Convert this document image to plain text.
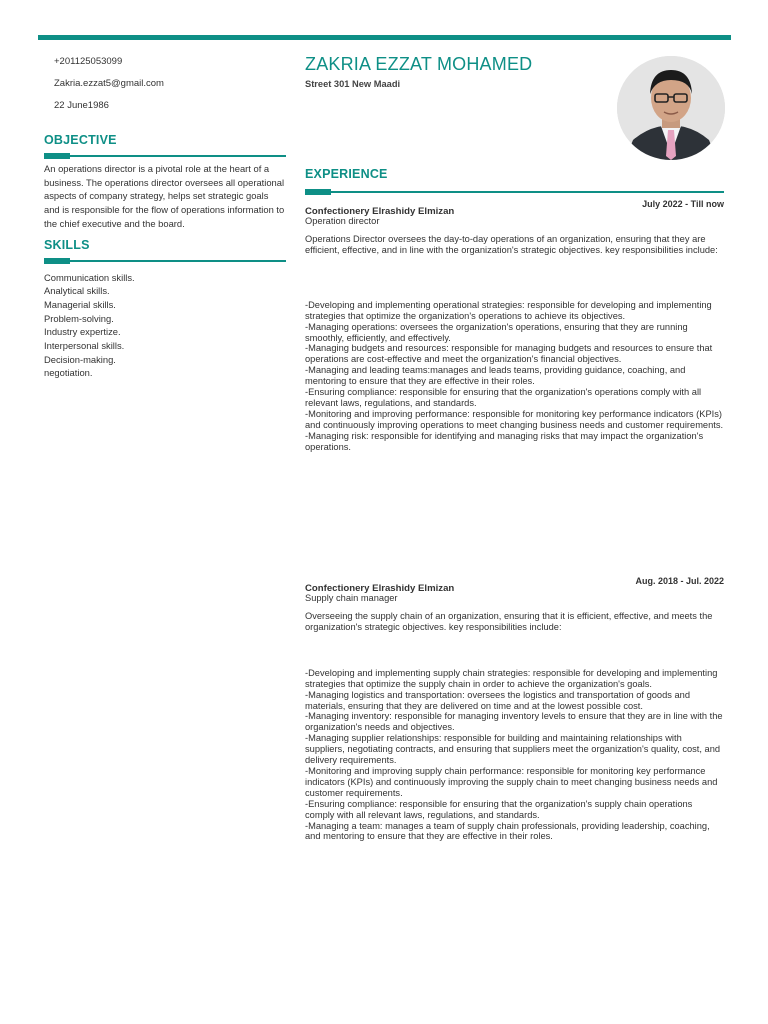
+201125053099
Zakria.ezzat5@gmail.com
22 June1986
OBJECTIVE
An operations director is a pivotal role at the heart of a business. The operations director oversees all operational aspects of company strategy, helps set strategic goals and is responsible for the flow of operations information to the chief executive and the board.
SKILLS
Communication skills.
Analytical skills.
Managerial skills.
Problem-solving.
Industry expertize.
Interpersonal skills.
Decision-making.
negotiation.
ZAKRIA EZZAT MOHAMED
Street 301 New Maadi
EXPERIENCE
Confectionery Elrashidy Elmizan
July 2022 - Till now
Operation director
Operations Director oversees the day-to-day operations of an organization, ensuring that they are efficient, effective, and in line with the organization's strategic objectives. key responsibilities include:
-Developing and implementing operational strategies: responsible for developing and implementing strategies that optimize the organization's operations to achieve its objectives.
-Managing operations: oversees the organization's operations, ensuring that they are running smoothly, efficiently, and effectively.
-Managing budgets and resources: responsible for managing budgets and resources to ensure that operations are cost-effective and meet the organization's financial objectives.
-Managing and leading teams:manages and leads teams, providing guidance, coaching, and mentoring to ensure that they are effective in their roles.
-Ensuring compliance: responsible for ensuring that the organization's operations comply with all relevant laws, regulations, and standards.
-Monitoring and improving performance: responsible for monitoring key performance indicators (KPIs) and continuously improving operations to meet changing business needs and customer requirements.
-Managing risk: responsible for identifying and managing risks that may impact the organization's operations.
Confectionery Elrashidy Elmizan
Aug. 2018 - Jul. 2022
Supply chain manager
Overseeing the supply chain of an organization, ensuring that it is efficient, effective, and meets the organization's strategic objectives. key responsibilities include:
-Developing and implementing supply chain strategies: responsible for developing and implementing strategies that optimize the supply chain in order to achieve the organization's goals.
-Managing logistics and transportation: oversees the logistics and transportation of goods and materials, ensuring that they are delivered on time and at the lowest possible cost.
-Managing inventory: responsible for managing inventory levels to ensure that they are in line with the organization's needs and objectives.
-Managing supplier relationships: responsible for building and maintaining relationships with suppliers, negotiating contracts, and ensuring that suppliers meet the organization's quality, cost, and delivery requirements.
-Monitoring and improving supply chain performance: responsible for monitoring key performance indicators (KPIs) and continuously improving the supply chain to meet changing business needs and customer requirements.
-Ensuring compliance: responsible for ensuring that the organization's supply chain operations comply with all relevant laws, regulations, and standards.
-Managing a team: manages a team of supply chain professionals, providing leadership, coaching, and mentoring to ensure that they are effective in their roles.
